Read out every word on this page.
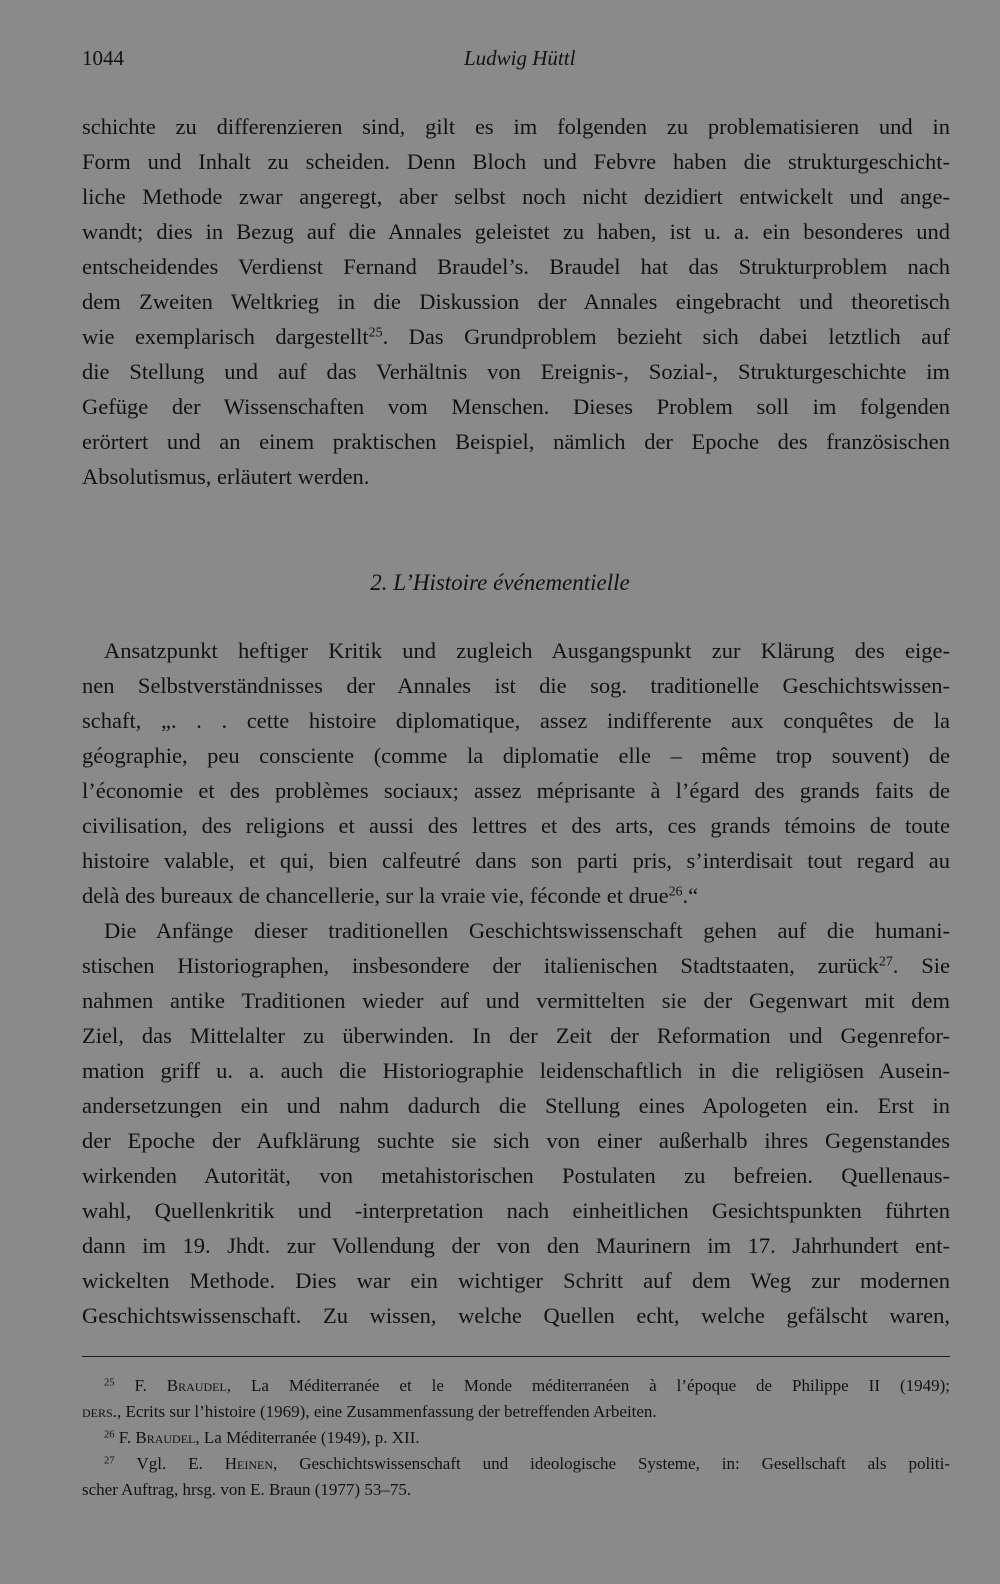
1044	Ludwig Hüttl
schichte zu differenzieren sind, gilt es im folgenden zu problematisieren und in
Form und Inhalt zu scheiden. Denn Bloch und Febvre haben die strukturgeschicht-
liche Methode zwar angeregt, aber selbst noch nicht dezidiert entwickelt und ange-
wandt; dies in Bezug auf die Annales geleistet zu haben, ist u. a. ein besonderes und
entscheidendes Verdienst Fernand Braudel’s. Braudel hat das Strukturproblem nach
dem Zweiten Weltkrieg in die Diskussion der Annales eingebracht und theoretisch
wie exemplarisch dargestellt$^{25}$. Das Grundproblem bezieht sich dabei letztlich auf
die Stellung und auf das Verhältnis von Ereignis-, Sozial-, Strukturgeschichte im
Gefüge der Wissenschaften vom Menschen. Dieses Problem soll im folgenden
erörtert und an einem praktischen Beispiel, nämlich der Epoche des französischen
Absolutismus, erläutert werden.
2. L’Histoire événementielle
Ansatzpunkt heftiger Kritik und zugleich Ausgangspunkt zur Klärung des eige-
nen Selbstverständnisses der Annales ist die sog. traditionelle Geschichtswissen-
schaft, „. . . cette histoire diplomatique, assez indifferente aux conquêtes de la
géographie, peu consciente (comme la diplomatie elle – même trop souvent) de
l’économie et des problèmes sociaux; assez méprisante à l’égard des grands faits de
civilisation, des religions et aussi des lettres et des arts, ces grands témoins de toute
histoire valable, et qui, bien calfeutré dans son parti pris, s’interdisait tout regard au
delà des bureaux de chancellerie, sur la vraie vie, féconde et drue$^{26}$.“
Die Anfänge dieser traditionellen Geschichtswissenschaft gehen auf die humani-
stischen Historiographen, insbesondere der italienischen Stadtstaaten, zurück$^{27}$. Sie
nahmen antike Traditionen wieder auf und vermittelten sie der Gegenwart mit dem
Ziel, das Mittelalter zu überwinden. In der Zeit der Reformation und Gegenrefor-
mation griff u. a. auch die Historiographie leidenschaftlich in die religiösen Ausein-
andersetzungen ein und nahm dadurch die Stellung eines Apologeten ein. Erst in
der Epoche der Aufklärung suchte sie sich von einer außerhalb ihres Gegenstandes
wirkenden Autorität, von metahistorischen Postulaten zu befreien. Quellenaus-
wahl, Quellenkritik und -interpretation nach einheitlichen Gesichtspunkten führten
dann im 19. Jhdt. zur Vollendung der von den Maurinern im 17. Jahrhundert ent-
wickelten Methode. Dies war ein wichtiger Schritt auf dem Weg zur modernen
Geschichtswissenschaft. Zu wissen, welche Quellen echt, welche gefälscht waren,
$^{25}$ F. Braudel, La Méditerranée et le Monde méditerranéen à l’époque de Philippe II (1949);
ders., Ecrits sur l’histoire (1969), eine Zusammenfassung der betreffenden Arbeiten.
$^{26}$ F. Braudel, La Méditerranée (1949), p. XII.
$^{27}$ Vgl. E. Heinen, Geschichtswissenschaft und ideologische Systeme, in: Gesellschaft als politi-
scher Auftrag, hrsg. von E. Braun (1977) 53–75.
